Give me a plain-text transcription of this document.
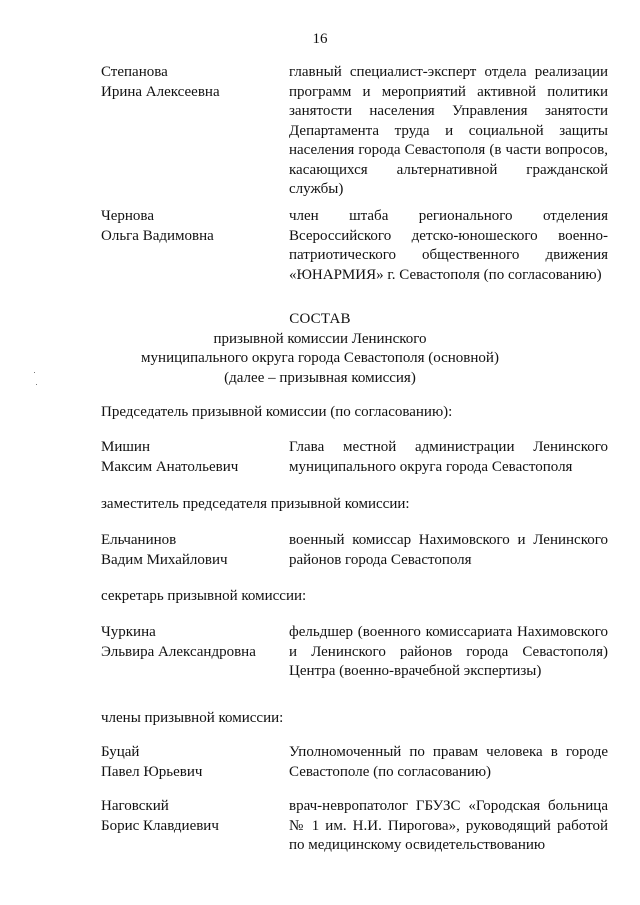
16
Степанова
Ирина Алексеевна
главный специалист-эксперт отдела реализации программ и мероприятий активной политики занятости населения Управления занятости Департамента труда и социальной защиты населения города Севастополя (в части вопросов, касающихся альтернативной гражданской службы)
Чернова
Ольга Вадимовна
член штаба регионального отделения Всероссийского детско-юношеского военно-патриотического общественного движения «ЮНАРМИЯ» г. Севастополя (по согласованию)
СОСТАВ
призывной комиссии Ленинского
муниципального округа города Севастополя (основной)
(далее – призывная комиссия)
Председатель призывной комиссии (по согласованию):
Мишин
Максим Анатольевич
Глава местной администрации Ленинского муниципального округа города Севастополя
заместитель председателя призывной комиссии:
Ельчанинов
Вадим Михайлович
военный комиссар Нахимовского и Ленинского районов города Севастополя
секретарь призывной комиссии:
Чуркина
Эльвира Александровна
фельдшер (военного комиссариата Нахимовского и Ленинского районов города Севастополя) Центра (военно-врачебной экспертизы)
члены призывной комиссии:
Буцай
Павел Юрьевич
Уполномоченный по правам человека в городе Севастополе (по согласованию)
Наговский
Борис Клавдиевич
врач-невропатолог ГБУЗС «Городская больница № 1 им. Н.И. Пирогова», руководящий работой по медицинскому освидетельствованию
